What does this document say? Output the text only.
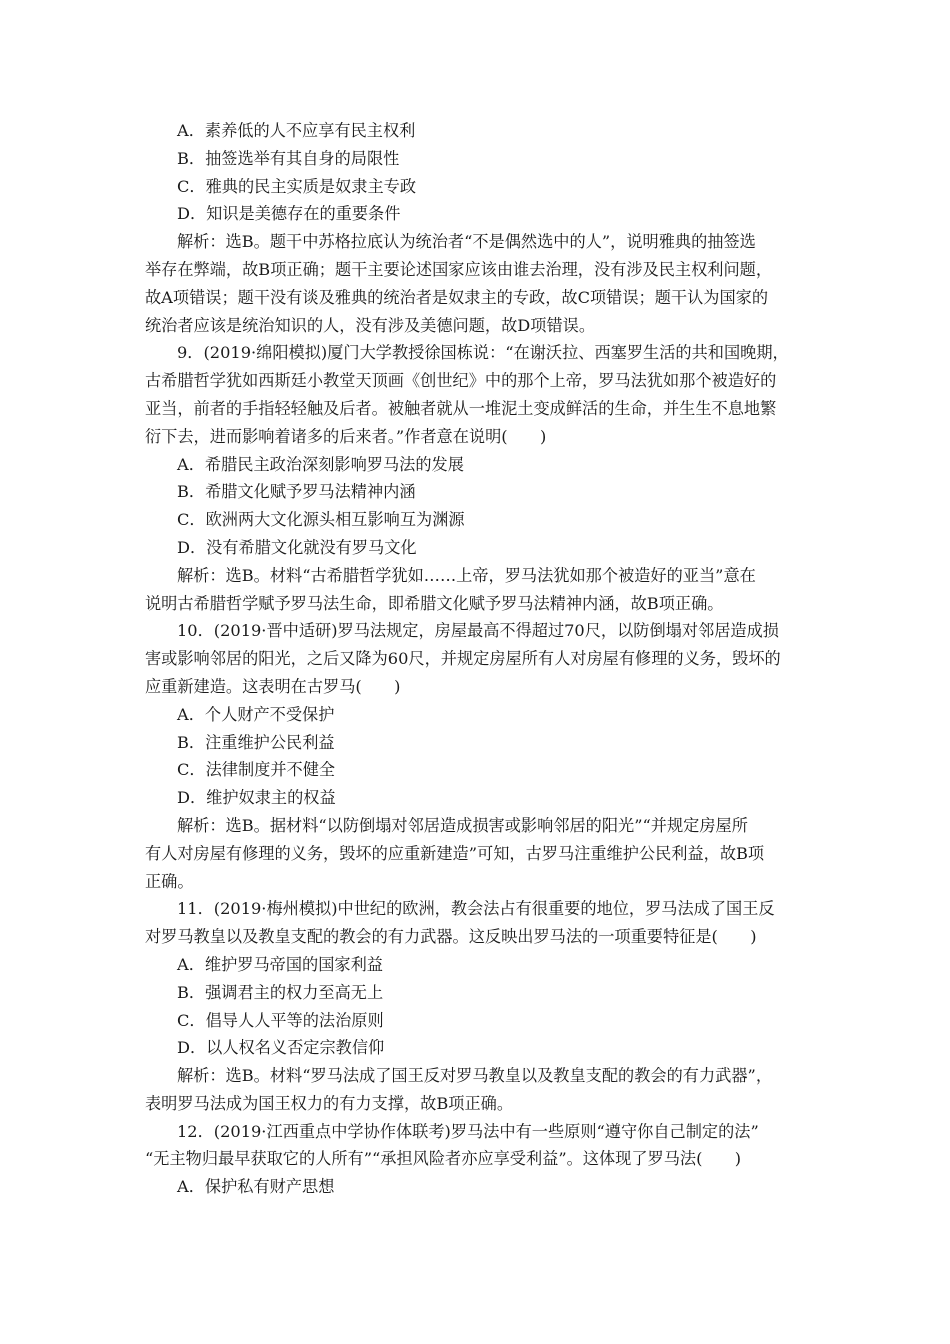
A．素养低的人不应享有民主权利
B．抽签选举有其自身的局限性
C．雅典的民主实质是奴隶主专政
D．知识是美德存在的重要条件
解析：选B。题干中苏格拉底认为统治者“不是偶然选中的人”，说明雅典的抽签选
举存在弊端，故B项正确；题干主要论述国家应该由谁去治理，没有涉及民主权利问题，
故A项错误；题干没有谈及雅典的统治者是奴隶主的专政，故C项错误；题干认为国家的
统治者应该是统治知识的人，没有涉及美德问题，故D项错误。
9．(2019·绵阳模拟)厦门大学教授徐国栋说：“在谢沃拉、西塞罗生活的共和国晚期，
古希腊哲学犹如西斯廷小教堂天顶画《创世纪》中的那个上帝，罗马法犹如那个被造好的
亚当，前者的手指轻轻触及后者。被触者就从一堆泥土变成鲜活的生命，并生生不息地繁
衍下去，进而影响着诸多的后来者。”作者意在说明(　　)
A．希腊民主政治深刻影响罗马法的发展
B．希腊文化赋予罗马法精神内涵
C．欧洲两大文化源头相互影响互为渊源
D．没有希腊文化就没有罗马文化
解析：选B。材料“古希腊哲学犹如……上帝，罗马法犹如那个被造好的亚当”意在
说明古希腊哲学赋予罗马法生命，即希腊文化赋予罗马法精神内涵，故B项正确。
10．(2019·晋中适研)罗马法规定，房屋最高不得超过70尺，以防倒塌对邻居造成损
害或影响邻居的阳光，之后又降为60尺，并规定房屋所有人对房屋有修理的义务，毁坏的
应重新建造。这表明在古罗马(　　)
A．个人财产不受保护
B．注重维护公民利益
C．法律制度并不健全
D．维护奴隶主的权益
解析：选B。据材料“以防倒塌对邻居造成损害或影响邻居的阳光”“并规定房屋所
有人对房屋有修理的义务，毁坏的应重新建造”可知，古罗马注重维护公民利益，故B项
正确。
11．(2019·梅州模拟)中世纪的欧洲，教会法占有很重要的地位，罗马法成了国王反
对罗马教皇以及教皇支配的教会的有力武器。这反映出罗马法的一项重要特征是(　　)
A．维护罗马帝国的国家利益
B．强调君主的权力至高无上
C．倡导人人平等的法治原则
D．以人权名义否定宗教信仰
解析：选B。材料“罗马法成了国王反对罗马教皇以及教皇支配的教会的有力武器”，
表明罗马法成为国王权力的有力支撑，故B项正确。
12．(2019·江西重点中学协作体联考)罗马法中有一些原则“遵守你自己制定的法”
“无主物归最早获取它的人所有”“承担风险者亦应享受利益”。这体现了罗马法(　　)
A．保护私有财产思想
